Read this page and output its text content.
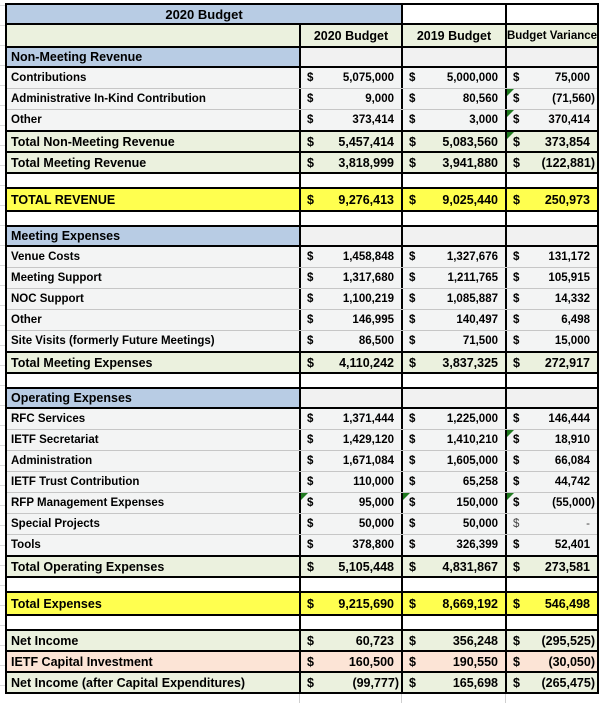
2020 Budget
2020 Budget 2019 Budget Budget Variance
Non-Meeting Revenue
Contributions	$	5,075,000 $	5,000,000 $	75,000
Administrative In-Kind Contribution	$	9,000 $	80,560 $	(71,560)
Other	$	373,414 $	3,000 $	370,414
Total Non-Meeting Revenue	$ 5,457,414 $ 5,083,560 $ 373,854
Total Meeting Revenue	$ 3,818,999 $ 3,941,880 $ (122,881)
TOTAL REVENUE	$ 9,276,413 $ 9,025,440 $ 250,973
Meeting Expenses
Venue Costs	$	1,458,848 $	1,327,676 $	131,172
Meeting Support	$	1,317,680 $	1,211,765 $	105,915
NOC Support	$	1,100,219 $	1,085,887 $	14,332
Other	$	146,995 $	140,497 $	6,498
Site Visits (formerly Future Meetings)	$	86,500 $	71,500 $	15,000
Total Meeting Expenses	$ 4,110,242 $ 3,837,325 $ 272,917
Operating Expenses
RFC Services	$	1,371,444 $	1,225,000 $	146,444
IETF Secretariat	$	1,429,120 $	1,410,210 $	18,910
Administration	$	1,671,084 $	1,605,000 $	66,084
IETF Trust Contribution	$	110,000 $	65,258 $	44,742
RFP Management Expenses	$	95,000 $	150,000 $	(55,000)
Special Projects	$	50,000 $	50,000 $	-
Tools	$	378,800 $	326,399 $	52,401
Total Operating Expenses	$ 5,105,448 $ 4,831,867 $ 273,581
Total Expenses	$ 9,215,690 $ 8,669,192 $ 546,498
Net Income	$	60,723 $	356,248 $ (295,525)
IETF Capital Investment	$	160,500 $	190,550 $ (30,050)
Net Income (after Capital Expenditures)	$	(99,777) $	165,698 $ (265,475)
